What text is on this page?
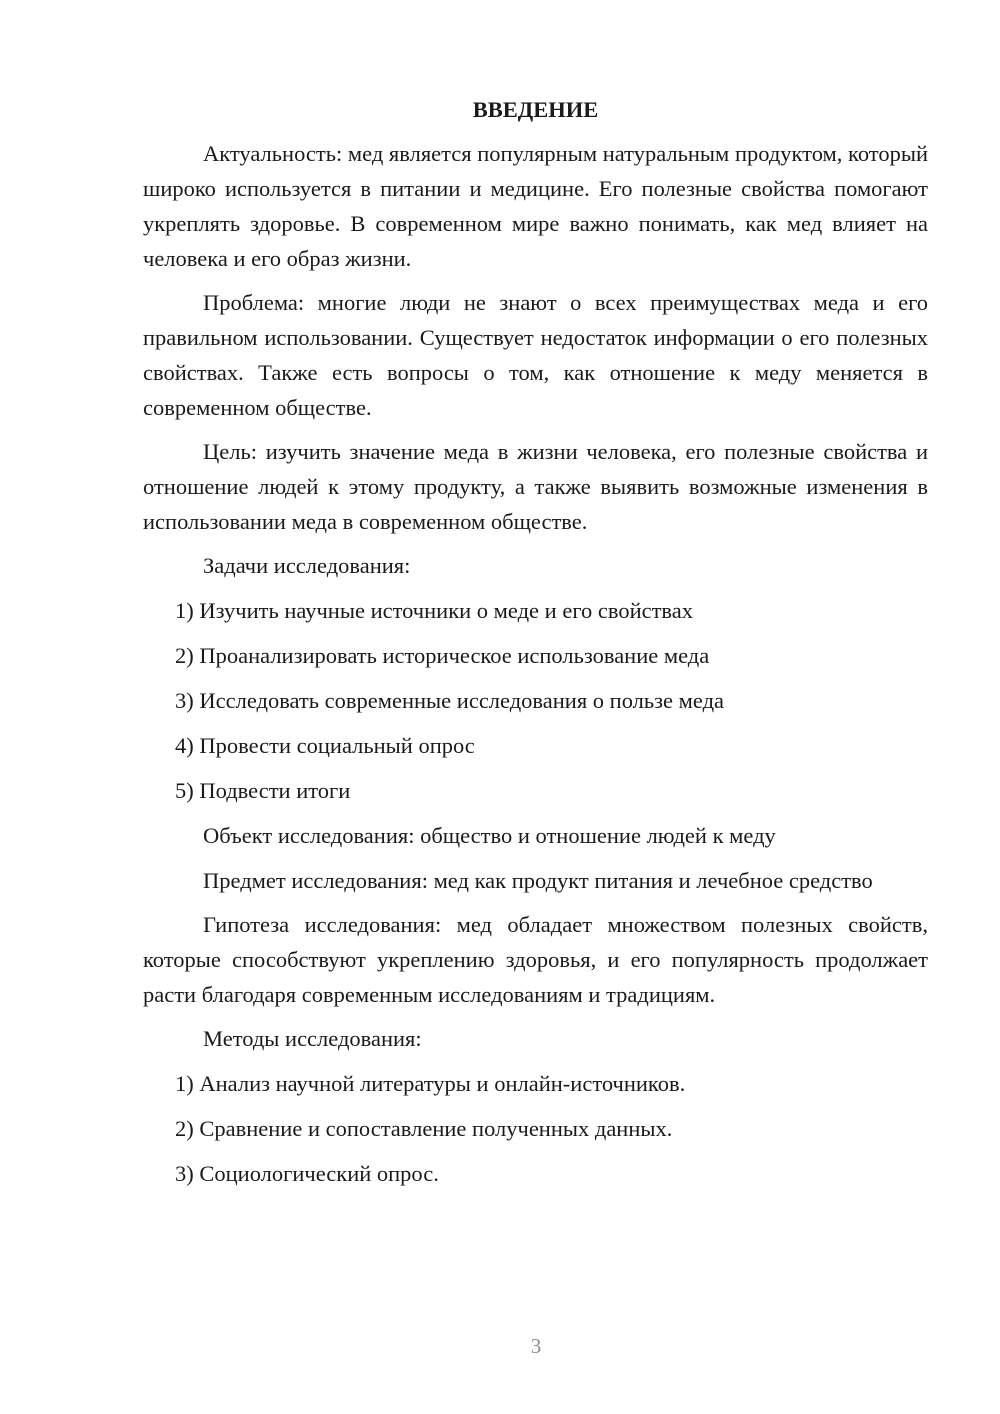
ВВЕДЕНИЕ

Актуальность: мед является популярным натуральным продуктом, который широко используется в питании и медицине. Его полезные свойства помогают укреплять здоровье. В современном мире важно понимать, как мед влияет на человека и его образ жизни.

Проблема: многие люди не знают о всех преимуществах меда и его правильном использовании. Существует недостаток информации о его полезных свойствах. Также есть вопросы о том, как отношение к меду меняется в современном обществе.

Цель: изучить значение меда в жизни человека, его полезные свойства и отношение людей к этому продукту, а также выявить возможные изменения в использовании меда в современном обществе.

Задачи исследования:

1) Изучить научные источники о меде и его свойствах
2) Проанализировать историческое использование меда
3) Исследовать современные исследования о пользе меда
4) Провести социальный опрос
5) Подвести итоги

Объект исследования: общество и отношение людей к меду

Предмет исследования: мед как продукт питания и лечебное средство

Гипотеза исследования: мед обладает множеством полезных свойств, которые способствуют укреплению здоровья, и его популярность продолжает расти благодаря современным исследованиям и традициям.

Методы исследования:

1) Анализ научной литературы и онлайн-источников.
2) Сравнение и сопоставление полученных данных.
3) Социологический опрос.
3
